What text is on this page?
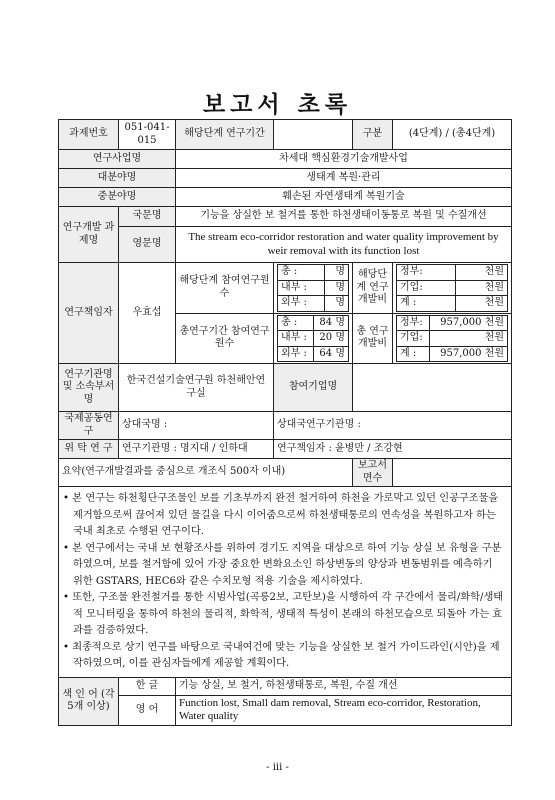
보고서 초록
과제번호	051-041-015	해당단계 연구기간		구분	(4단계) / (총4단계)
연구사업명	차세대 핵심환경기술개발사업
대분야명	생태계 복원·관리
중분야명	훼손된 자연생태계 복원기술
연구개발 과제명	국문명	기능을 상실한 보 철거를 통한 하천생태이동통로 복원 및 수질개선
영문명	The stream eco-corridor restoration and water quality improvement by weir removal with its function lost
연구책임자	우효섭	해당단계 참여연구원수	
총 :	명
내부 :	명
외부 :	명
	해당단계 연구개발비	
정부:	천원
기업:	천원
계 :	천원

총연구기간 참여연구원수	
총 :	84 명
내부 :	20 명
외부 :	64 명
	총 연구개발비	
정부:	957,000 천원
기업:	천원
계 :	957,000 천원

연구기관명 및 소속부서명	한국건설기술연구원 하천해안연구실	참여기업명	
국제공동연구	상대국명 :	상대국연구기관명 :
위 탁 연 구	연구기관명 : 명지대 / 인하대	연구책임자 : 윤병만 / 조강현
요약(연구개발결과를 중심으로 개조식 500자 이내)	보고서 면수	

• 본 연구는 하천횡단구조물인 보를 기초부까지 완전 철거하여 하천을 가로막고 있던 인공구조물을 제거함으로써 끊어져 있던 물길을 다시 이어줌으로써 하천생태통로의 연속성을 복원하고자 하는 국내 최초로 수행된 연구이다.

• 본 연구에서는 국내 보 현황조사를 위하여 경기도 지역을 대상으로 하여 기능 상실 보 유형을 구분하였으며, 보를 철거함에 있어 가장 중요한 변화요소인 하상변동의 양상과 변동범위를 예측하기 위한 GSTARS, HEC6와 같은 수치모형 적용 기술을 제시하였다.

• 또한, 구조물 완전철거를 통한 시범사업(곡릉2보, 고탄보)을 시행하여 각 구간에서 물리/화학/생태적 모니터링을 통하여 하천의 물리적, 화학적, 생태적 특성이 본래의 하천모습으로 되돌아 가는 효과를 검증하였다.

• 최종적으로 상기 연구를 바탕으로 국내여건에 맞는 기능을 상실한 보 철거 가이드라인(시안)을 제작하였으며, 이를 관심자들에게 제공할 계획이다.

색 인 어 (각 5개 이상)	한 글	기능 상실, 보 철거, 하천생태통로, 복원, 수질 개선
영 어	Function lost, Small dam removal, Stream eco-corridor, Restoration, Water quality
- iii -
